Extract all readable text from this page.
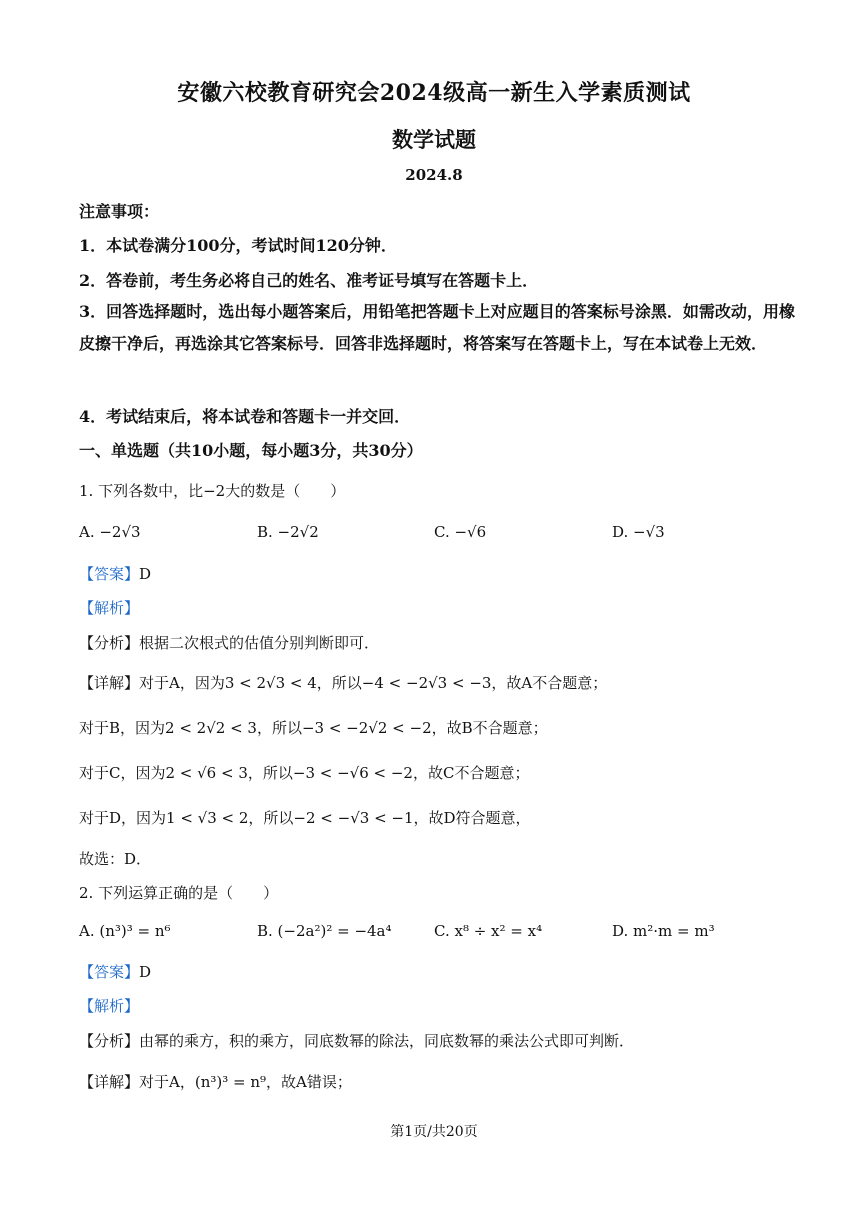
安徽六校教育研究会2024级高一新生入学素质测试
数学试题
2024.8
注意事项：
1．本试卷满分100分，考试时间120分钟．
2．答卷前，考生务必将自己的姓名、准考证号填写在答题卡上．
3．回答选择题时，选出每小题答案后，用铅笔把答题卡上对应题目的答案标号涂黑．如需改动，用橡皮擦干净后，再选涂其它答案标号．回答非选择题时，将答案写在答题卡上，写在本试卷上无效．
4．考试结束后，将本试卷和答题卡一并交回．
一、单选题（共10小题，每小题3分，共30分）
1. 下列各数中，比−2大的数是（　　）
A. −2√3	B. −2√2	C. −√6	D. −√3
【答案】D
【解析】
【分析】根据二次根式的估值分别判断即可．
【详解】对于A，因为3 < 2√3 < 4，所以−4 < −2√3 < −3，故A不合题意；
对于B，因为2 < 2√2 < 3，所以−3 < −2√2 < −2，故B不合题意；
对于C，因为2 < √6 < 3，所以−3 < −√6 < −2，故C不合题意；
对于D，因为1 < √3 < 2，所以−2 < −√3 < −1，故D符合题意，
故选：D．
2. 下列运算正确的是（　　）
A. (n³)³ = n⁶	B. (−2a²)² = −4a⁴	C. x⁸ ÷ x² = x⁴	D. m²·m = m³
【答案】D
【解析】
【分析】由幂的乘方，积的乘方，同底数幂的除法，同底数幂的乘法公式即可判断．
【详解】对于A，(n³)³ = n⁹，故A错误；
第1页/共20页
